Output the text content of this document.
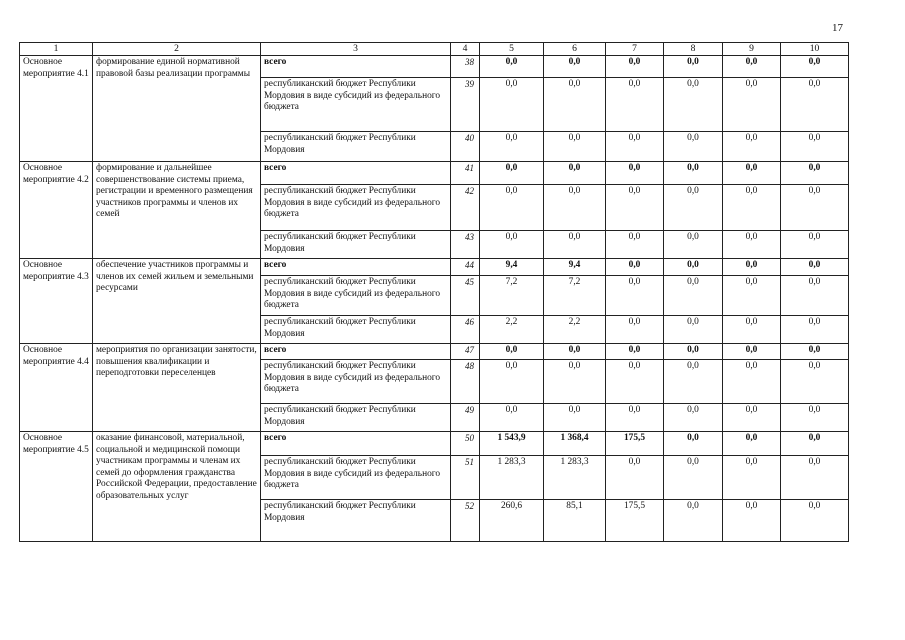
17
1	2	3	4	5	6	7	8	9	10
Основное мероприятие 4.1	формирование единой нормативной правовой базы реализации программы	всего	38	0,0	0,0	0,0	0,0	0,0	0,0
		республиканский бюджет Республики Мордовия в виде субсидий из федерального бюджета	39	0,0	0,0	0,0	0,0	0,0	0,0
		республиканский бюджет Республики Мордовия	40	0,0	0,0	0,0	0,0	0,0	0,0
Основное мероприятие 4.2	формирование и дальнейшее совершенствование системы приема, регистрации и временного размещения участников программы и членов их семей	всего	41	0,0	0,0	0,0	0,0	0,0	0,0
		республиканский бюджет Республики Мордовия в виде субсидий из федерального бюджета	42	0,0	0,0	0,0	0,0	0,0	0,0
		республиканский бюджет Республики Мордовия	43	0,0	0,0	0,0	0,0	0,0	0,0
Основное мероприятие 4.3	обеспечение участников программы и членов их семей жильем и земельными ресурсами	всего	44	9,4	9,4	0,0	0,0	0,0	0,0
		республиканский бюджет Республики Мордовия в виде субсидий из федерального бюджета	45	7,2	7,2	0,0	0,0	0,0	0,0
		республиканский бюджет Республики Мордовия	46	2,2	2,2	0,0	0,0	0,0	0,0
Основное мероприятие 4.4	мероприятия по организации занятости, повышения квалификации и переподготовки переселенцев	всего	47	0,0	0,0	0,0	0,0	0,0	0,0
		республиканский бюджет Республики Мордовия в виде субсидий из федерального бюджета	48	0,0	0,0	0,0	0,0	0,0	0,0
		республиканский бюджет Республики Мордовия	49	0,0	0,0	0,0	0,0	0,0	0,0
Основное мероприятие 4.5	оказание финансовой, материальной, социальной и медицинской помощи участникам программы и членам их семей до оформления гражданства Российской Федерации, предоставление образовательных услуг	всего	50	1 543,9	1 368,4	175,5	0,0	0,0	0,0
		республиканский бюджет Республики Мордовия в виде субсидий из федерального бюджета	51	1 283,3	1 283,3	0,0	0,0	0,0	0,0
		республиканский бюджет Республики Мордовия	52	260,6	85,1	175,5	0,0	0,0	0,0
